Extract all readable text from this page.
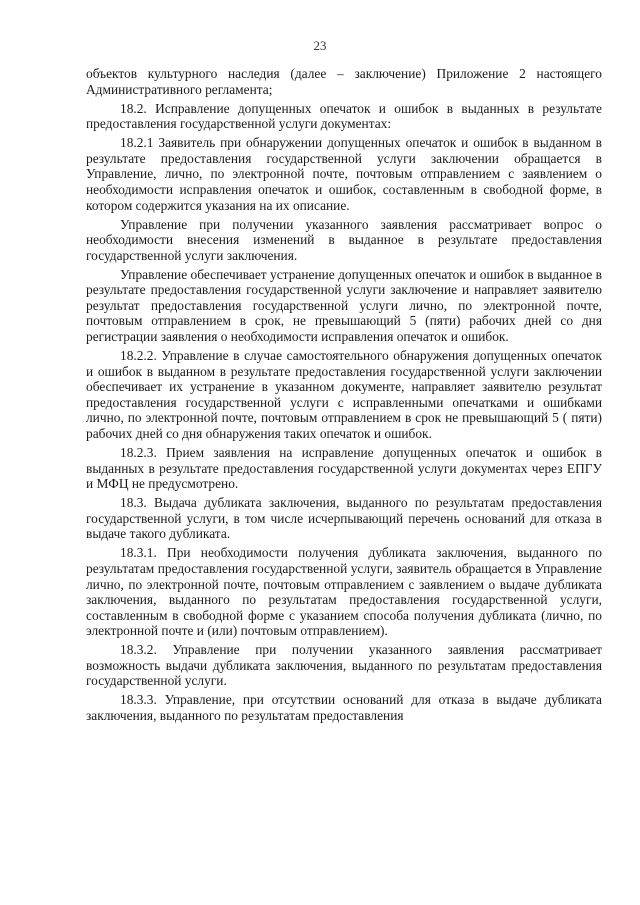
23

объектов культурного наследия (далее – заключение) Приложение 2 настоящего Административного регламента;

18.2. Исправление допущенных опечаток и ошибок в выданных в результате предоставления государственной услуги документах:

18.2.1 Заявитель при обнаружении допущенных опечаток и ошибок в выданном в результате предоставления государственной услуги заключении обращается в Управление, лично, по электронной почте, почтовым отправлением с заявлением о необходимости исправления опечаток и ошибок, составленным в свободной форме, в котором содержится указания на их описание.

Управление при получении указанного заявления рассматривает вопрос о необходимости внесения изменений в выданное в результате предоставления государственной услуги заключения.

Управление обеспечивает устранение допущенных опечаток и ошибок в выданное в результате предоставления государственной услуги заключение и направляет заявителю результат предоставления государственной услуги лично, по электронной почте, почтовым отправлением в срок, не превышающий 5 (пяти) рабочих дней со дня регистрации заявления о необходимости исправления опечаток и ошибок.

18.2.2. Управление в случае самостоятельного обнаружения допущенных опечаток и ошибок в выданном в результате предоставления государственной услуги заключении обеспечивает их устранение в указанном документе, направляет заявителю результат предоставления государственной услуги с исправленными опечатками и ошибками лично, по электронной почте, почтовым отправлением в срок не превышающий 5 ( пяти) рабочих дней со дня обнаружения таких опечаток и ошибок.

18.2.3. Прием заявления на исправление допущенных опечаток и ошибок в выданных в результате предоставления государственной услуги документах через ЕПГУ и МФЦ не предусмотрено.

18.3. Выдача дубликата заключения, выданного по результатам предоставления государственной услуги, в том числе исчерпывающий перечень оснований для отказа в выдаче такого дубликата.

18.3.1. При необходимости получения дубликата заключения, выданного по результатам предоставления государственной услуги, заявитель обращается в Управление лично, по электронной почте, почтовым отправлением с заявлением о выдаче дубликата заключения, выданного по результатам предоставления государственной услуги, составленным в свободной форме с указанием способа получения дубликата (лично, по электронной почте и (или) почтовым отправлением).

18.3.2. Управление при получении указанного заявления рассматривает возможность выдачи дубликата заключения, выданного по результатам предоставления государственной услуги.

18.3.3. Управление, при отсутствии оснований для отказа в выдаче дубликата заключения, выданного по результатам предоставления
